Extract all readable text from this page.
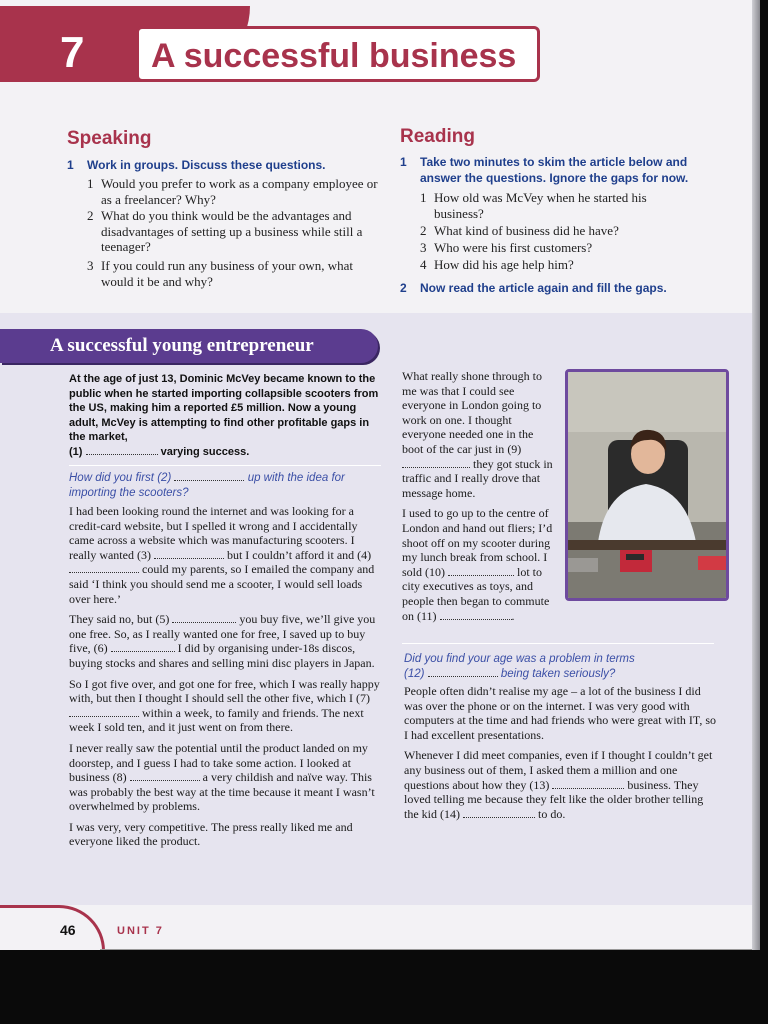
7 A successful business
Speaking
1	Work in groups. Discuss these questions.
1 Would you prefer to work as a company employee or as a freelancer? Why?
2 What do you think would be the advantages and disadvantages of setting up a business while still a teenager?
3 If you could run any business of your own, what would it be and why?
Reading
1	Take two minutes to skim the article below and answer the questions. Ignore the gaps for now.
1 How old was McVey when he started his business?
2 What kind of business did he have?
3 Who were his first customers?
4 How did his age help him?
2	Now read the article again and fill the gaps.
A successful young entrepreneur
At the age of just 13, Dominic McVey became known to the public when he started importing collapsible scooters from the US, making him a reported £5 million. Now a young adult, McVey is attempting to find other profitable gaps in the market,
(1)	varying success.
How did you first (2)	up with the idea for importing the scooters?

I had been looking round the internet and was looking for a credit-card website, but I spelled it wrong and I accidentally came across a website which was manufacturing scooters. I really wanted (3)	but I couldn’t afford it and (4)  could my parents, so I emailed the company and said ‘I think you should send me a scooter, I would sell loads over here.’

They said no, but (5)	you buy five, we’ll give you one free. So, as I really wanted one for free, I saved up to buy five, (6)	I did by organising under-18s discos, buying stocks and shares and selling mini disc players in Japan.

So I got five over, and got one for free, which I was really happy with, but then I thought I should sell the other five, which I (7)  within a week, to family and friends. The next week I sold ten, and it just went on from there.

I never really saw the potential until the product landed on my doorstep, and I guess I had to take some action. I looked at business (8)	a very childish and naïve way. This was probably the best way at the time because it meant I wasn’t overwhelmed by problems.

I was very, very competitive. The press really liked me and everyone liked the product.

What really shone through to me was that I could see everyone in London going to work on one. I thought everyone needed one in the boot of the car just in (9)  they got stuck in traffic and I really drove that message home.

I used to go up to the centre of London and hand out fliers; I’d shoot off on my scooter during my lunch break from school. I sold (10)	lot to city executives as toys, and people then began to commute on (11)	.

Did you find your age was a problem in terms
(12)	being taken seriously?

People often didn’t realise my age – a lot of the business I did was over the phone or on the internet. I was very good with computers at the time and had friends who were great with IT, so I had excellent presentations.

Whenever I did meet companies, even if I thought I couldn’t get any business out of them, I asked them a million and one questions about how they (13)	business. They loved telling me because they felt like the older brother telling the kid (14)	to do.

46	UNIT 7
